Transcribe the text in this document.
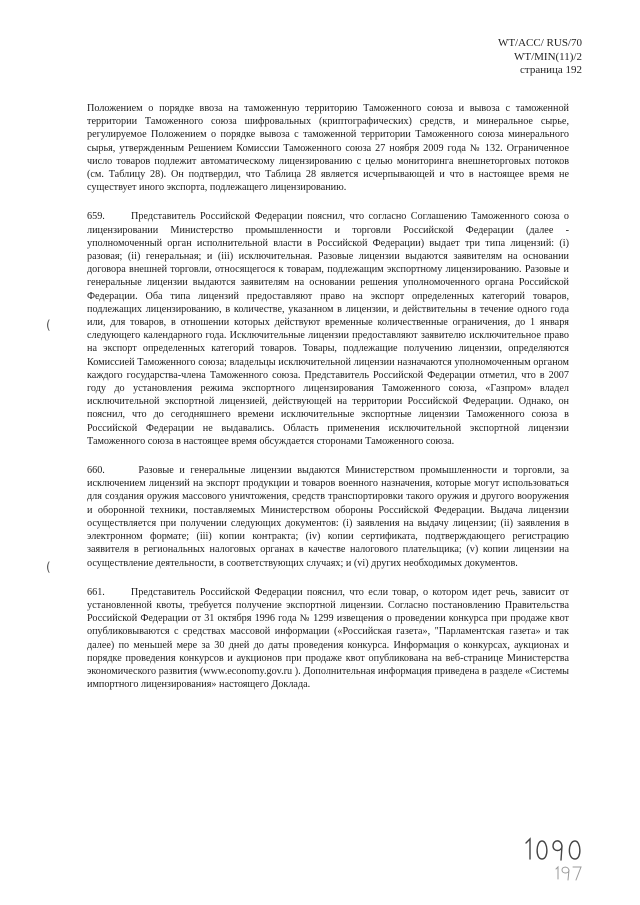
WT/ACC/ RUS/70
WT/MIN(11)/2
страница 192
(
(

Положением о порядке ввоза на таможенную территорию Таможенного союза и вывоза с таможенной территории Таможенного союза шифровальных (криптографических) средств, и минеральное сырье, регулируемое Положением о порядке вывоза с таможенной территории Таможенного союза минерального сырья, утвержденным Решением Комиссии Таможенного союза 27 ноября 2009 года № 132. Ограниченное число товаров подлежит автоматическому лицензированию с целью мониторинга внешнеторговых потоков (см. Таблицу 28). Он подтвердил, что Таблица 28 является исчерпывающей и что в настоящее время не существует иного экспорта, подлежащего лицензированию.

659.	Представитель Российской Федерации пояснил, что согласно Соглашению Таможенного союза о лицензировании Министерство промышленности и торговли Российской Федерации (далее - уполномоченный орган исполнительной власти в Российской Федерации) выдает три типа лицензий: (i) разовая; (ii) генеральная; и (iii) исключительная. Разовые лицензии выдаются заявителям на основании договора внешней торговли, относящегося к товарам, подлежащим экспортному лицензированию. Разовые и генеральные лицензии выдаются заявителям на основании решения уполномоченного органа Российской Федерации. Оба типа лицензий предоставляют право на экспорт определенных категорий товаров, подлежащих лицензированию, в количестве, указанном в лицензии, и действительны в течение одного года или, для товаров, в отношении которых действуют временные количественные ограничения, до 1 января следующего календарного года. Исключительные лицензии предоставляют заявителю исключительное право на экспорт определенных категорий товаров. Товары, подлежащие получению лицензии, определяются Комиссией Таможенного союза; владельцы исключительной лицензии назначаются уполномоченным органом каждого государства-члена Таможенного союза. Представитель Российской Федерации отметил, что в 2007 году до установления режима экспортного лицензирования Таможенного союза, «Газпром» владел исключительной экспортной лицензией, действующей на территории Российской Федерации. Однако, он пояснил, что до сегодняшнего времени исключительные экспортные лицензии Таможенного союза в Российской Федерации не выдавались. Область применения исключительной экспортной лицензии Таможенного союза в настоящее время обсуждается сторонами Таможенного союза.

660.	Разовые и генеральные лицензии выдаются Министерством промышленности и торговли, за исключением лицензий на экспорт продукции и товаров военного назначения, которые могут использоваться для создания оружия массового уничтожения, средств транспортировки такого оружия и другого вооружения и оборонной техники, поставляемых Министерством обороны Российской Федерации. Выдача лицензии осуществляется при получении следующих документов: (i) заявления на выдачу лицензии; (ii) заявления в электронном формате; (iii) копии контракта; (iv) копии сертификата, подтверждающего регистрацию заявителя в региональных налоговых органах в качестве налогового плательщика; (v) копии лицензии на осуществление деятельности, в соответствующих случаях; и (vi) других необходимых документов.

661.	Представитель Российской Федерации пояснил, что если товар, о котором идет речь, зависит от установленной квоты, требуется получение экспортной лицензии. Согласно постановлению Правительства Российской Федерации от 31 октября 1996 года № 1299 извещения о проведении конкурса при продаже квот опубликовываются с средствах массовой информации («Российская газета», "Парламентская газета» и так далее) по меньшей мере за 30 дней до даты проведения конкурса. Информация о конкурсах, аукционах и порядке проведения конкурсов и аукционов при продаже квот опубликована на веб-странице Министерства экономического развития (www.economy.gov.ru ). Дополнительная информация приведена в разделе «Системы импортного лицензирования» настоящего Доклада.
